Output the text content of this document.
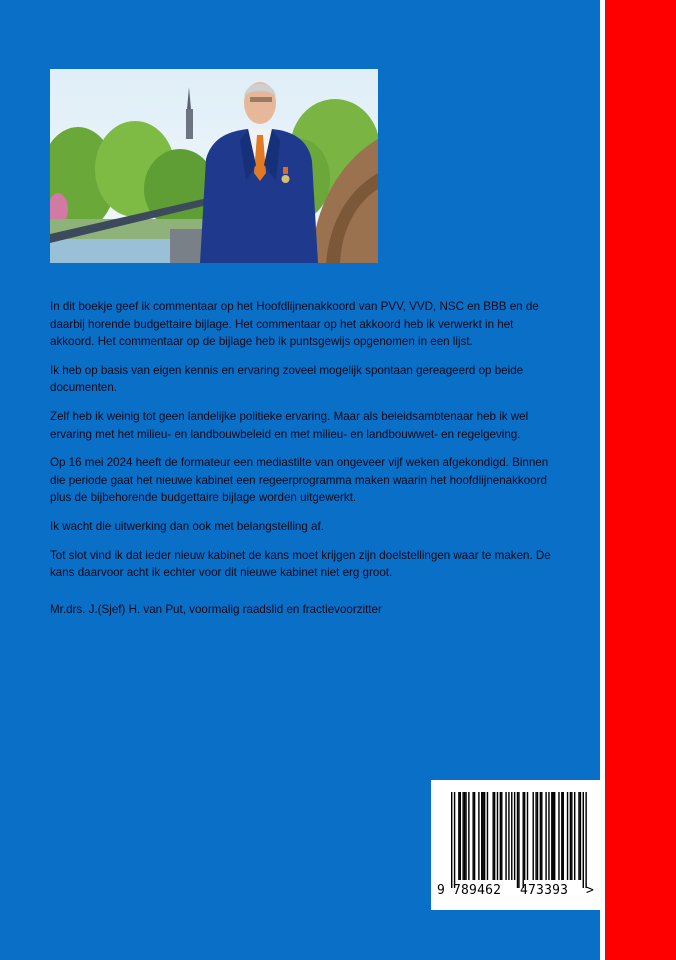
In dit boekje geef ik commentaar op het Hoofdlijnenakkoord van PVV, VVD, NSC en BBB en de daarbij horende budgettaire bijlage. Het commentaar op het akkoord heb ik verwerkt in het akkoord. Het commentaar op de bijlage heb ik puntsgewijs opgenomen in een lijst.

Ik heb op basis van eigen kennis en ervaring zoveel mogelijk spontaan gereageerd op beide documenten.

Zelf heb ik weinig tot geen landelijke politieke ervaring. Maar als beleidsambtenaar heb ik wel ervaring met het milieu- en landbouwbeleid en met milieu- en landbouwwet- en regelgeving.

Op 16 mei 2024 heeft de formateur een mediastilte van ongeveer vijf weken afgekondigd. Binnen die periode gaat het nieuwe kabinet een regeerprogramma maken waarin het hoofdlijnenakkoord plus de bijbehorende budgettaire bijlage worden uitgewerkt.

Ik wacht die uitwerking dan ook met belangstelling af.

Tot slot vind ik dat ieder nieuw kabinet de kans moet krijgen zijn doelstellingen waar te maken. De kans daarvoor acht ik echter voor dit nieuwe kabinet niet erg groot.

Mr.drs. J.(Sjef) H. van Put, voormalig raadslid en fractievoorzitter
9 789462 473393 >
